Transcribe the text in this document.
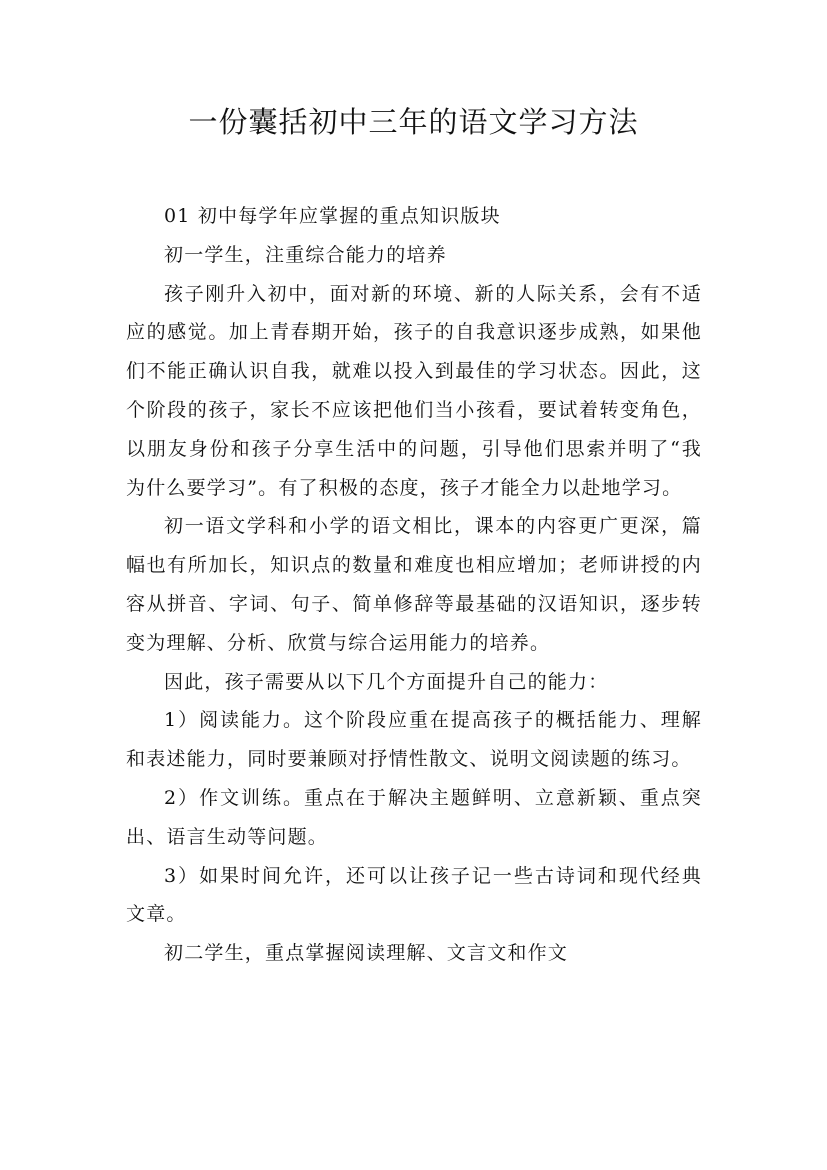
一份囊括初中三年的语文学习方法

01 初中每学年应掌握的重点知识版块

初一学生，注重综合能力的培养

孩子刚升入初中，面对新的环境、新的人际关系，会有不适应的感觉。加上青春期开始，孩子的自我意识逐步成熟，如果他们不能正确认识自我，就难以投入到最佳的学习状态。因此，这个阶段的孩子，家长不应该把他们当小孩看，要试着转变角色，以朋友身份和孩子分享生活中的问题，引导他们思索并明了“我为什么要学习”。有了积极的态度，孩子才能全力以赴地学习。

初一语文学科和小学的语文相比，课本的内容更广更深，篇幅也有所加长，知识点的数量和难度也相应增加；老师讲授的内容从拼音、字词、句子、简单修辞等最基础的汉语知识，逐步转变为理解、分析、欣赏与综合运用能力的培养。

因此，孩子需要从以下几个方面提升自己的能力：

1）阅读能力。这个阶段应重在提高孩子的概括能力、理解和表述能力，同时要兼顾对抒情性散文、说明文阅读题的练习。

2）作文训练。重点在于解决主题鲜明、立意新颖、重点突出、语言生动等问题。

3）如果时间允许，还可以让孩子记一些古诗词和现代经典文章。

初二学生，重点掌握阅读理解、文言文和作文
